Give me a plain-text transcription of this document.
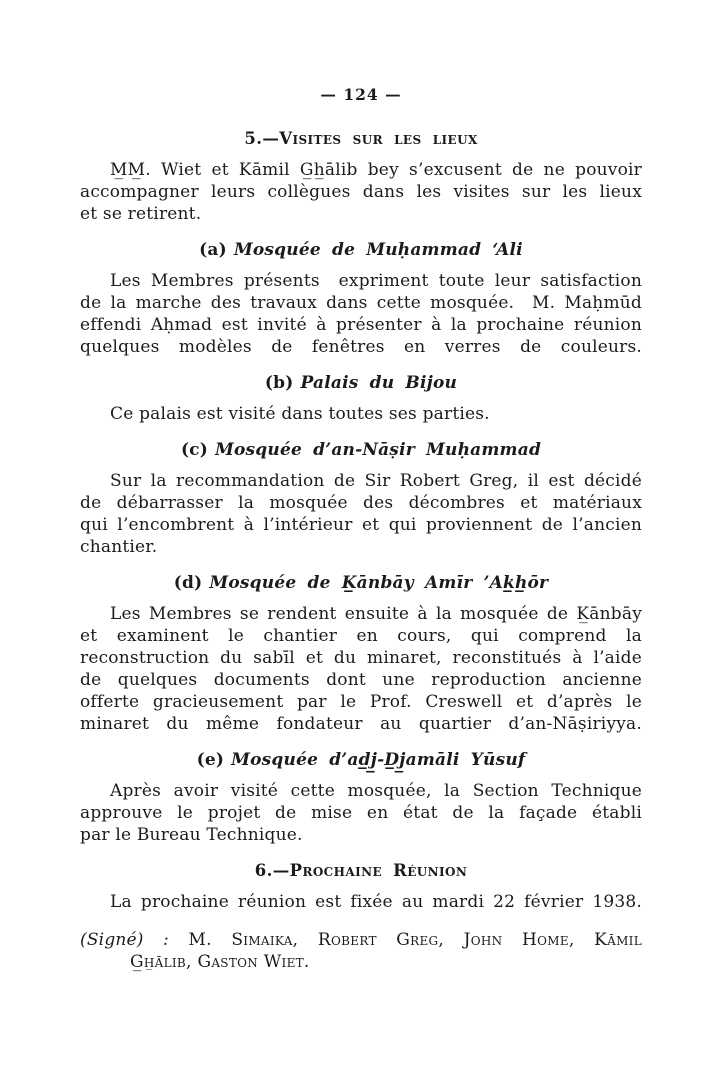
— 124 —
5.—Visites sur les lieux
M̲M̲. Wiet et Kāmil G̲h̲ālib bey s’excusent de ne pouvoir
accompagner leurs collègues dans les visites sur les lieux
et se retirent.
(a) Mosquée de Muḥammad ‘Ali
Les Membres présents  expriment toute leur satisfaction
de la marche des travaux dans cette mosquée.  M. Maḥmūd
effendi Aḥmad est invité à présenter à la prochaine réunion
quelques modèles de fenêtres en verres de couleurs.
(b) Palais du Bijou
Ce palais est visité dans toutes ses parties.
(c) Mosquée d’an-Nāṣir Muḥammad
Sur la recommandation de Sir Robert Greg, il est décidé
de débarrasser la mosquée des décombres et matériaux
qui l’encombrent à l’intérieur et qui proviennent de l’ancien
chantier.
(d) Mosquée de K̲ānbāy Amīr ’Ak̲h̲ōr
Les Membres se rendent ensuite à la mosquée de K̲ānbāy
et examinent le chantier en cours, qui comprend la
reconstruction du sabīl et du minaret, reconstitués à l’aide
de quelques documents dont une reproduction ancienne
offerte gracieusement par le Prof. Creswell et d’après le
minaret du même fondateur au quartier d’an-Nāṣiriyya.
(e) Mosquée d’ad̲j̲-D̲j̲amāli Yūsuf
Après avoir visité cette mosquée, la Section Technique
approuve le projet de mise en état de la façade établi
par le Bureau Technique.
6.—Prochaine Réunion
La prochaine réunion est fixée au mardi 22 février 1938.
(Signé) : M. Simaika, Robert Greg, John Home, Kāmil
G̲h̲ālib, Gaston Wiet.
